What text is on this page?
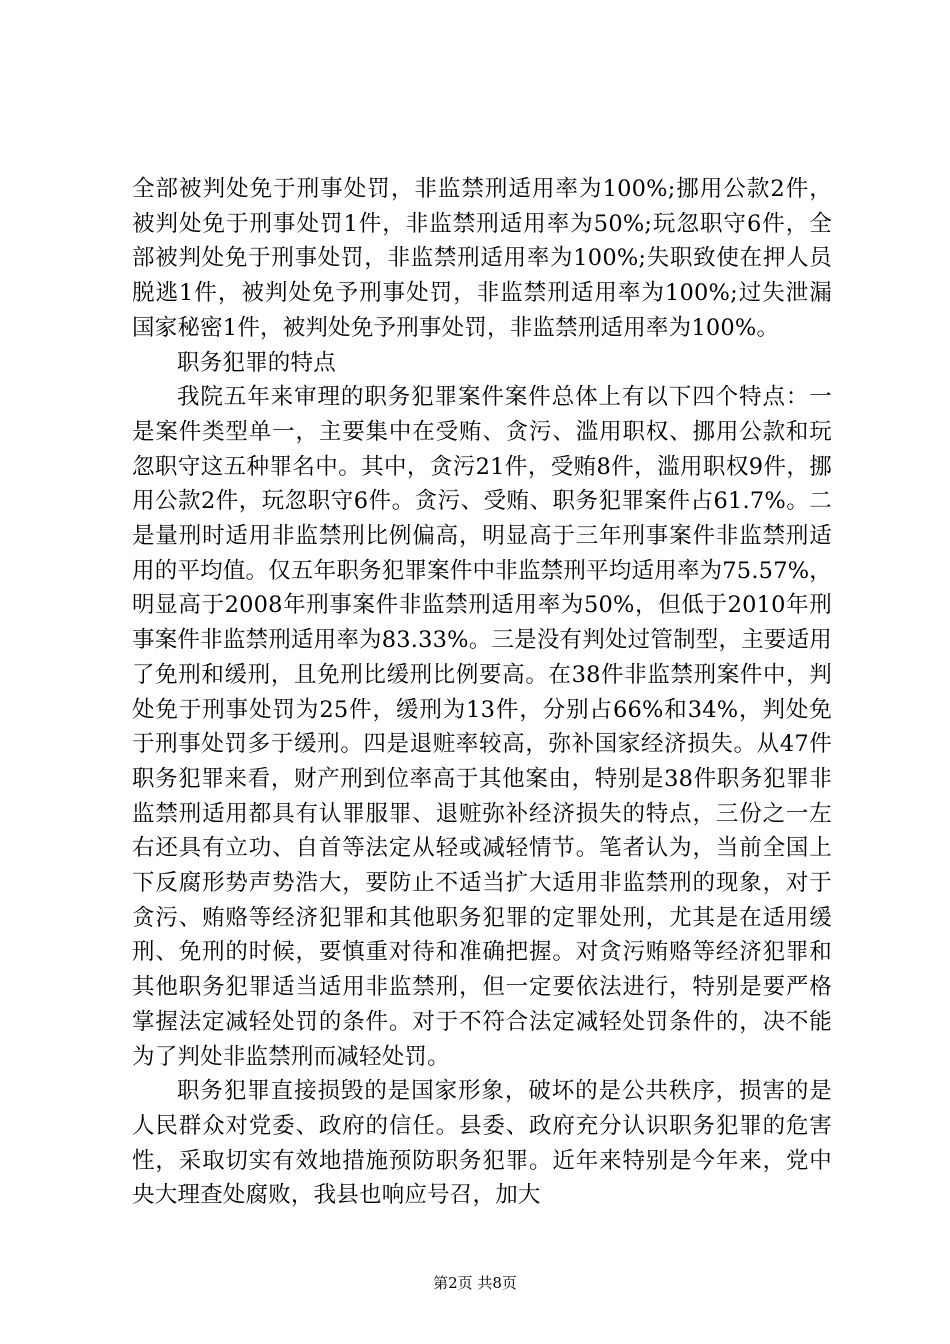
全部被判处免于刑事处罚，非监禁刑适用率为100%;挪用公款2件，被判处免于刑事处罚1件，非监禁刑适用率为50%;玩忽职守6件，全部被判处免于刑事处罚，非监禁刑适用率为100%;失职致使在押人员脱逃1件，被判处免予刑事处罚，非监禁刑适用率为100%;过失泄漏国家秘密1件，被判处免予刑事处罚，非监禁刑适用率为100%。

职务犯罪的特点

我院五年来审理的职务犯罪案件案件总体上有以下四个特点：一是案件类型单一，主要集中在受贿、贪污、滥用职权、挪用公款和玩忽职守这五种罪名中。其中，贪污21件，受贿8件，滥用职权9件，挪用公款2件，玩忽职守6件。贪污、受贿、职务犯罪案件占61.7%。二是量刑时适用非监禁刑比例偏高，明显高于三年刑事案件非监禁刑适用的平均值。仅五年职务犯罪案件中非监禁刑平均适用率为75.57%，明显高于2008年刑事案件非监禁刑适用率为50%，但低于2010年刑事案件非监禁刑适用率为83.33%。三是没有判处过管制型，主要适用了免刑和缓刑，且免刑比缓刑比例要高。在38件非监禁刑案件中，判处免于刑事处罚为25件，缓刑为13件，分别占66%和34%，判处免于刑事处罚多于缓刑。四是退赃率较高，弥补国家经济损失。从47件职务犯罪来看，财产刑到位率高于其他案由，特别是38件职务犯罪非监禁刑适用都具有认罪服罪、退赃弥补经济损失的特点，三份之一左右还具有立功、自首等法定从轻或减轻情节。笔者认为，当前全国上下反腐形势声势浩大，要防止不适当扩大适用非监禁刑的现象，对于贪污、贿赂等经济犯罪和其他职务犯罪的定罪处刑，尤其是在适用缓刑、免刑的时候，要慎重对待和准确把握。对贪污贿赂等经济犯罪和其他职务犯罪适当适用非监禁刑，但一定要依法进行，特别是要严格掌握法定减轻处罚的条件。对于不符合法定减轻处罚条件的，决不能为了判处非监禁刑而减轻处罚。

职务犯罪直接损毁的是国家形象，破坏的是公共秩序，损害的是人民群众对党委、政府的信任。县委、政府充分认识职务犯罪的危害性，采取切实有效地措施预防职务犯罪。近年来特别是今年来，党中央大理查处腐败，我县也响应号召，加大

第2页 共8页
